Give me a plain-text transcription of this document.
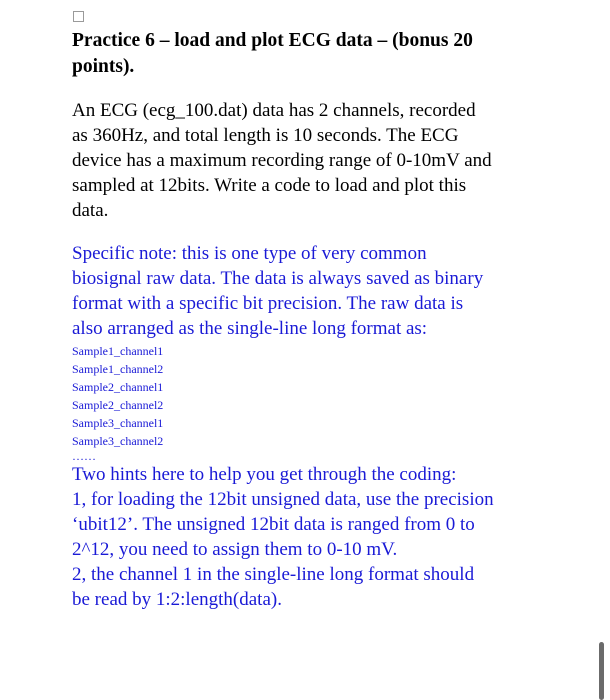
Practice 6 – load and plot ECG data – (bonus 20
points).
An ECG (ecg_100.dat) data has 2 channels, recorded
as 360Hz, and total length is 10 seconds. The ECG
device has a maximum recording range of 0-10mV and
sampled at 12bits. Write a code to load and plot this
data.
Specific note: this is one type of very common
biosignal raw data. The data is always saved as binary
format with a specific bit precision. The raw data is
also arranged as the single-line long format as:
Sample1_channel1
Sample1_channel2
Sample2_channel1
Sample2_channel2
Sample3_channel1
Sample3_channel2
……
Two hints here to help you get through the coding:
1, for loading the 12bit unsigned data, use the precision
‘ubit12’. The unsigned 12bit data is ranged from 0 to
2^12, you need to assign them to 0-10 mV.
2, the channel 1 in the single-line long format should
be read by 1:2:length(data).
